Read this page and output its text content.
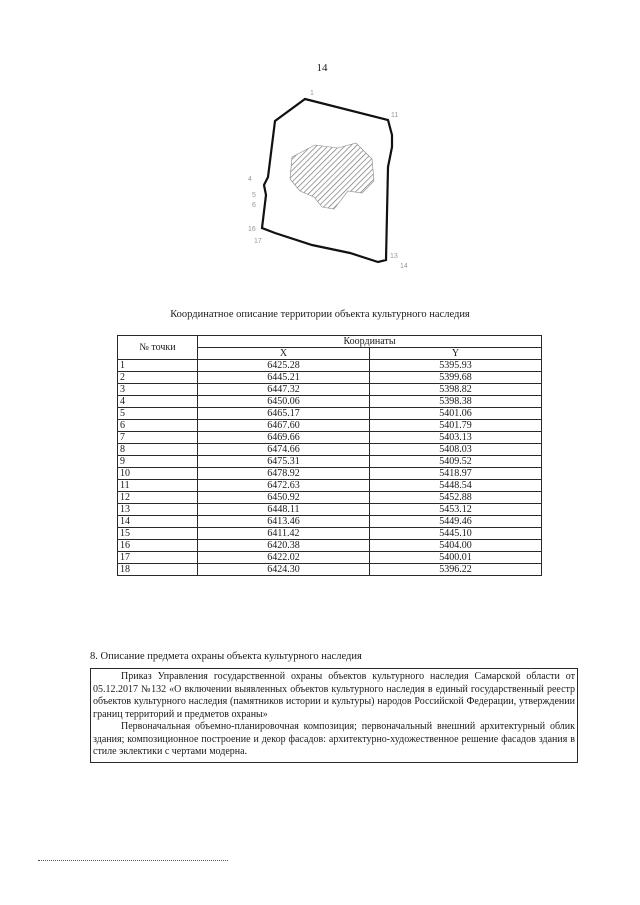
14
1
11
13
14
16
4
5
6
17
Координатное описание территории объекта культурного наследия
№ точки	Координаты	
	X	Y
1	6425.28	5395.93
2	6445.21	5399.68
3	6447.32	5398.82
4	6450.06	5398.38
5	6465.17	5401.06
6	6467.60	5401.79
7	6469.66	5403.13
8	6474.66	5408.03
9	6475.31	5409.52
10	6478.92	5418.97
11	6472.63	5448.54
12	6450.92	5452.88
13	6448.11	5453.12
14	6413.46	5449.46
15	6411.42	5445.10
16	6420.38	5404.00
17	6422.02	5400.01
18	6424.30	5396.22
8. Описание предмета охраны объекта культурного наследия

Приказ Управления государственной охраны объектов культурного наследия Самарской области от 05.12.2017 №132 «О включении выявленных объектов культурного наследия в единый государственный реестр объектов культурного наследия (памятников истории и культуры) народов Российской Федерации, утверждении границ территорий и предметов охраны»

Первоначальная объемно-планировочная композиция; первоначальный внешний архитектурный облик здания; композиционное построение и декор фасадов: архитектурно-художественное решение фасадов здания в стиле эклектики с чертами модерна.
